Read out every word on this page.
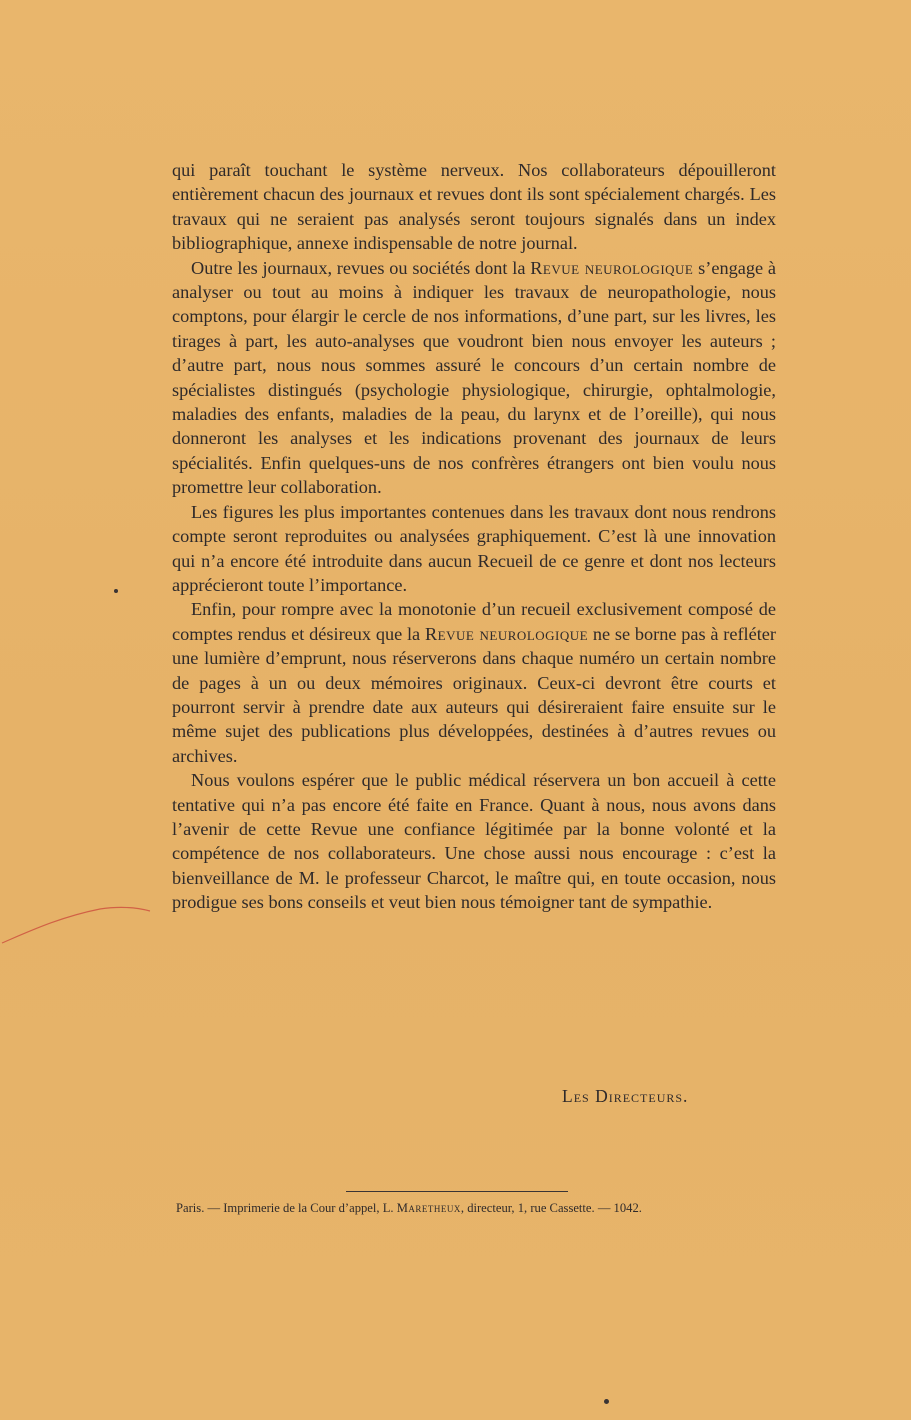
qui paraît touchant le système nerveux. Nos collaborateurs dépouilleront entièrement chacun des journaux et revues dont ils sont spécialement chargés. Les travaux qui ne seraient pas analysés seront toujours signalés dans un index bibliographique, annexe indispensable de notre journal.

Outre les journaux, revues ou sociétés dont la Revue neurologique s’engage à analyser ou tout au moins à indiquer les travaux de neuropathologie, nous comptons, pour élargir le cercle de nos informations, d’une part, sur les livres, les tirages à part, les auto-analyses que voudront bien nous envoyer les auteurs ; d’autre part, nous nous sommes assuré le concours d’un certain nombre de spécialistes distingués (psychologie physiologique, chirurgie, ophtalmologie, maladies des enfants, maladies de la peau, du larynx et de l’oreille), qui nous donneront les analyses et les indications provenant des journaux de leurs spécialités. Enfin quelques-uns de nos confrères étrangers ont bien voulu nous promettre leur collaboration.

Les figures les plus importantes contenues dans les travaux dont nous rendrons compte seront reproduites ou analysées graphiquement. C’est là une innovation qui n’a encore été introduite dans aucun Recueil de ce genre et dont nos lecteurs apprécieront toute l’importance.

Enfin, pour rompre avec la monotonie d’un recueil exclusivement composé de comptes rendus et désireux que la Revue neurologique ne se borne pas à refléter une lumière d’emprunt, nous réserverons dans chaque numéro un certain nombre de pages à un ou deux mémoires originaux. Ceux-ci devront être courts et pourront servir à prendre date aux auteurs qui désireraient faire ensuite sur le même sujet des publications plus développées, destinées à d’autres revues ou archives.

Nous voulons espérer que le public médical réservera un bon accueil à cette tentative qui n’a pas encore été faite en France. Quant à nous, nous avons dans l’avenir de cette Revue une confiance légitimée par la bonne volonté et la compétence de nos collaborateurs. Une chose aussi nous encourage : c’est la bienveillance de M. le professeur Charcot, le maître qui, en toute occasion, nous prodigue ses bons conseils et veut bien nous témoigner tant de sympathie.

Les Directeurs.
Paris. — Imprimerie de la Cour d’appel, L. Maretheux, directeur, 1, rue Cassette. — 1042.
